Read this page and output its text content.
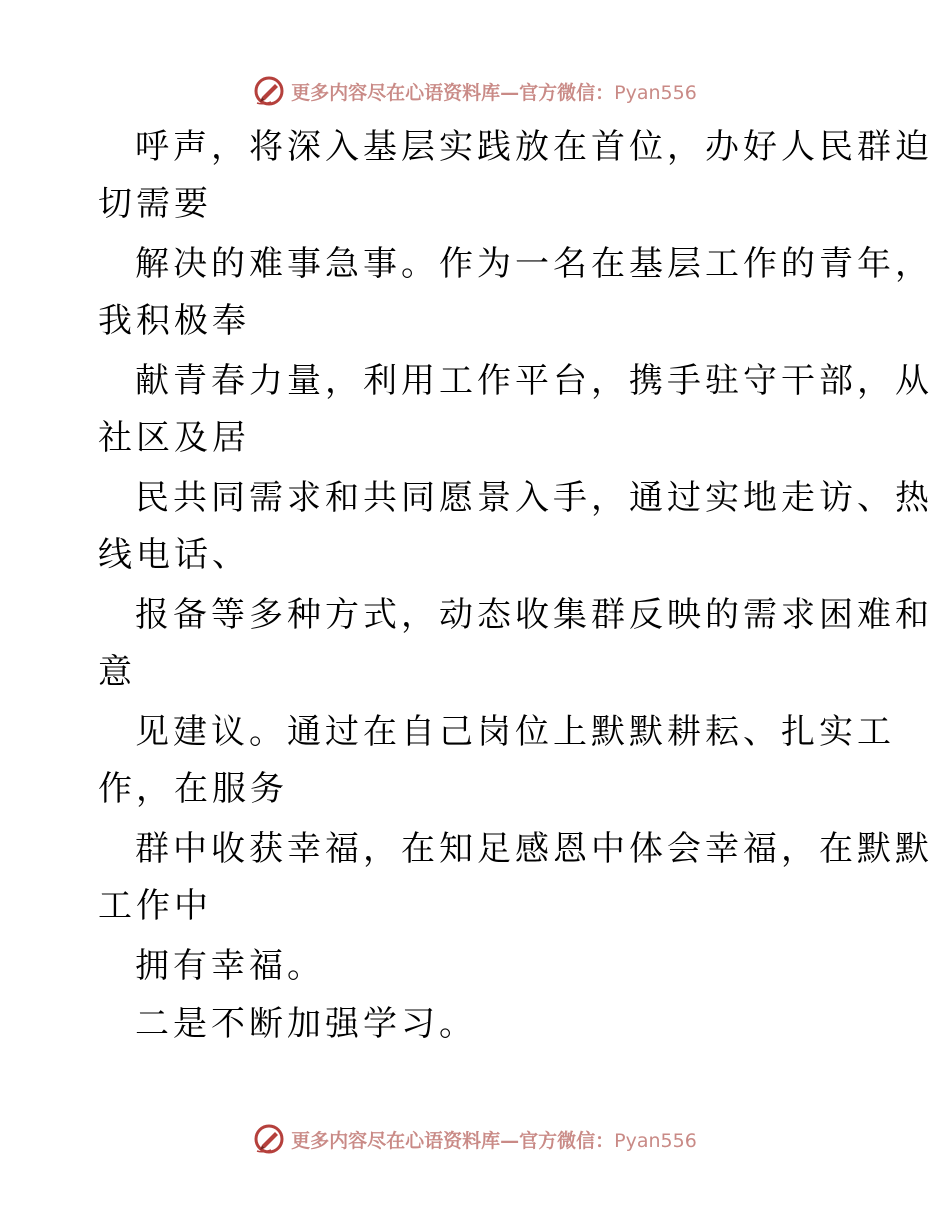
更多内容尽在心语资料库—官方微信：Pyan556
呼声，将深入基层实践放在首位，办好人民群迫
切需要
解决的难事急事。作为一名在基层工作的青年，
我积极奉
献青春力量，利用工作平台，携手驻守干部，从
社区及居
民共同需求和共同愿景入手，通过实地走访、热
线电话、
报备等多种方式，动态收集群反映的需求困难和
意
见建议。通过在自己岗位上默默耕耘、扎实工
作，在服务
群中收获幸福，在知足感恩中体会幸福，在默默
工作中
拥有幸福。
二是不断加强学习。
更多内容尽在心语资料库—官方微信：Pyan556
